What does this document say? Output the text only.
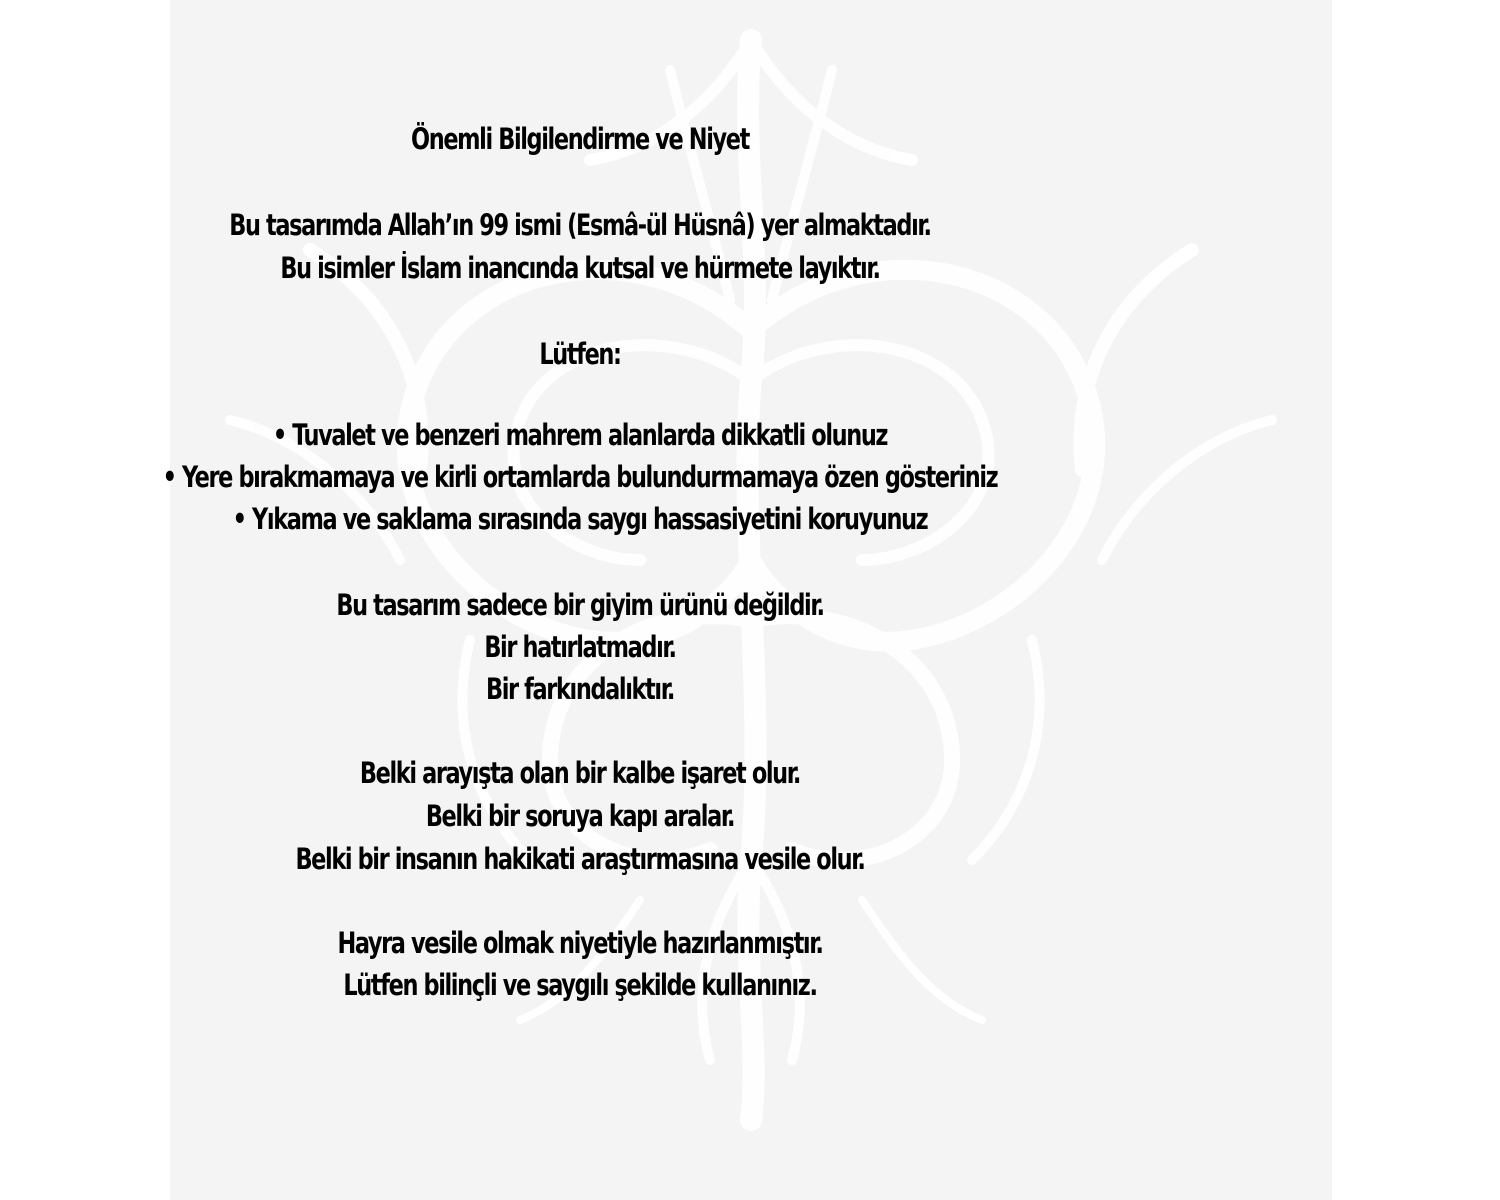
Önemli Bilgilendirme ve Niyet
Bu tasarımda Allah’ın 99 ismi (Esmâ-ül Hüsnâ) yer almaktadır.
Bu isimler İslam inancında kutsal ve hürmete layıktır.
Lütfen:
• Tuvalet ve benzeri mahrem alanlarda dikkatli olunuz
• Yere bırakmamaya ve kirli ortamlarda bulundurmamaya özen gösteriniz
• Yıkama ve saklama sırasında saygı hassasiyetini koruyunuz
Bu tasarım sadece bir giyim ürünü değildir.
Bir hatırlatmadır.
Bir farkındalıktır.
Belki arayışta olan bir kalbe işaret olur.
Belki bir soruya kapı aralar.
Belki bir insanın hakikati araştırmasına vesile olur.
Hayra vesile olmak niyetiyle hazırlanmıştır.
Lütfen bilinçli ve saygılı şekilde kullanınız.
